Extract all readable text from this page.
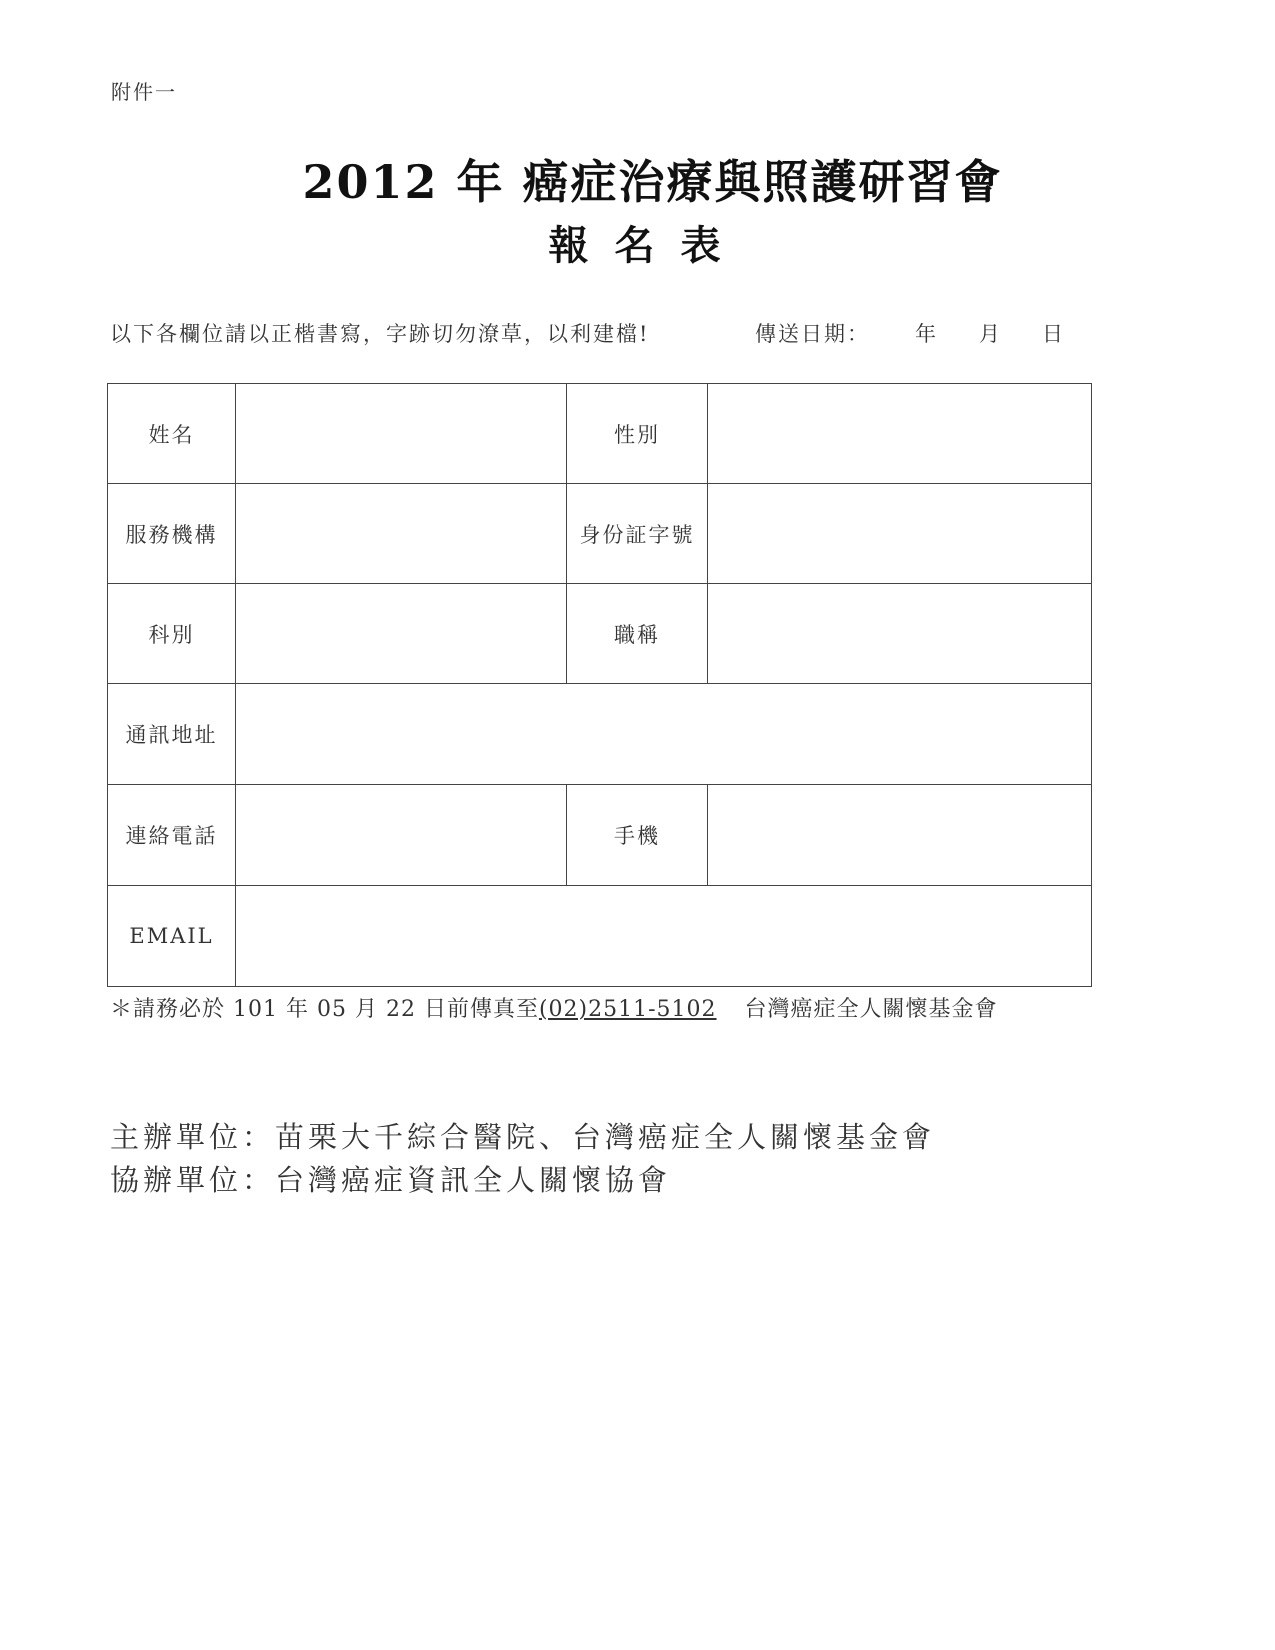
附件一
2012 年 癌症治療與照護研習會
報名表
以下各欄位請以正楷書寫，字跡切勿潦草，以利建檔!	傳送日期： 年 月 日
姓名		性別	
服務機構		身份証字號	
科別		職稱	
通訊地址			
連絡電話		手機	
EMAIL			
＊請務必於 101 年 05 月 22 日前傳真至(02)2511-5102 台灣癌症全人關懷基金會
主辦單位：苗栗大千綜合醫院、台灣癌症全人關懷基金會
協辦單位：台灣癌症資訊全人關懷協會
